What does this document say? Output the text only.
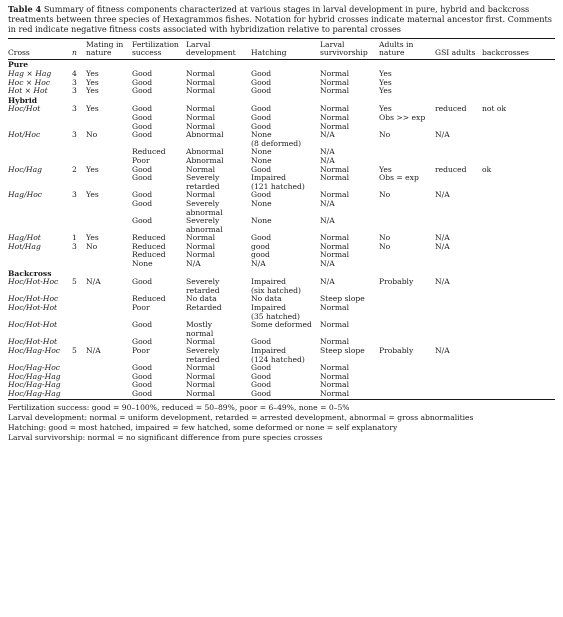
Table 4 Summary of fitness components characterized at various stages in larval development in pure, hybrid and backcross treatments between three species of Hexagrammos fishes. Notation for hybrid crosses indicate maternal ancestor first. Comments in red indicate negative fitness costs associated with hybridization relative to parental crosses

Cross	n	Mating in nature	Fertilization success	Larval development	Hatching	Larval survivorship	Adults in nature	GSI adults	backcrosses
Pure									
Hag × Hag	4	Yes	Good	Normal	Good	Normal	Yes		
Hoc × Hoc	3	Yes	Good	Normal	Good	Normal	Yes		
Hot × Hot	3	Yes	Good	Normal	Good	Normal	Yes		
Hybrid									
Hoc/Hot	3	Yes	Good	Normal	Good	Normal	Yes	reduced	not ok
			Good	Normal	Good	Normal	Obs >> exp		
			Good	Normal	Good	Normal			
Hot/Hoc	3	No	Good	Abnormal	None	N/A	No	N/A	
					(8 deformed)				
			Reduced	Abnormal	None	N/A			
			Poor	Abnormal	None	N/A			
Hoc/Hag	2	Yes	Good	Normal	Good	Normal	Yes	reduced	ok
			Good	Severely	Impaired	Normal	Obs = exp		
				retarded	(121 hatched)				
Hag/Hoc	3	Yes	Good	Normal	Good	Normal	No	N/A	
			Good	Severely	None	N/A			
				abnormal					
			Good	Severely	None	N/A			
				abnormal					
Hag/Hot	1	Yes	Reduced	Normal	Good	Normal	No	N/A	
Hot/Hag	3	No	Reduced	Normal	good	Normal	No	N/A	
			Reduced	Normal	good	Normal			
			None	N/A	N/A	N/A			
Backcross									
Hoc/Hot-Hoc	5	N/A	Good	Severely	Impaired	N/A	Probably	N/A	
				retarded	(six hatched)				
Hoc/Hot-Hoc			Reduced	No data	No data	Steep slope			
Hoc/Hot-Hot			Poor	Retarded	Impaired	Normal			
					(35 hatched)				
Hoc/Hot-Hot			Good	Mostly	Some deformed	Normal			
				normal					
Hoc/Hot-Hot			Good	Normal	Good	Normal			
Hoc/Hag-Hoc	5	N/A	Poor	Severely	Impaired	Steep slope	Probably	N/A	
				retarded	(124 hatched)				
Hoc/Hag-Hoc			Good	Normal	Good	Normal			
Hoc/Hag-Hag			Good	Normal	Good	Normal			
Hoc/Hag-Hag			Good	Normal	Good	Normal			
Hoc/Hag-Hag			Good	Normal	Good	Normal			
Fertilization success: good = 90–100%, reduced = 50–89%, poor = 6–49%, none = 0–5%
Larval development: normal = uniform development, retarded = arrested development, abnormal = gross abnormalities
Hatching: good = most hatched, impaired = few hatched, some deformed or none = self explanatory
Larval survivorship: normal = no significant difference from pure species crosses
